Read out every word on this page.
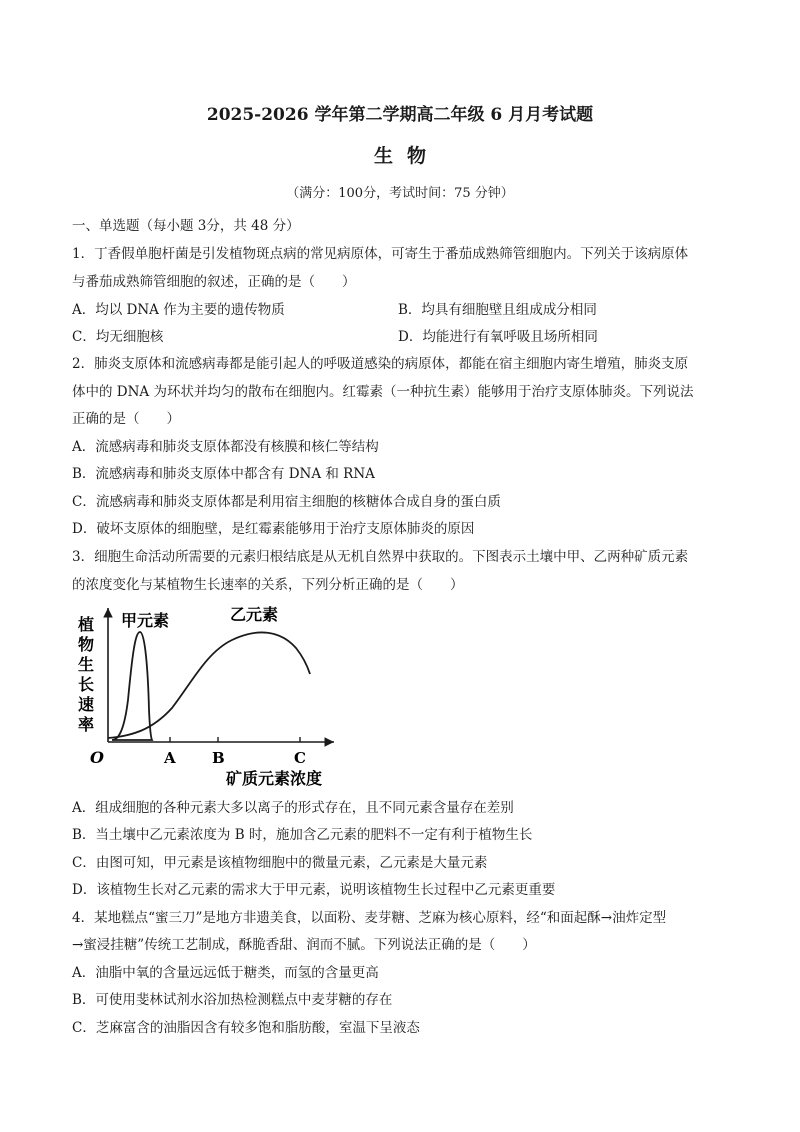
2025-2026 学年第二学期高二年级 6 月月考试题
生物
（满分：100分，考试时间：75 分钟）
一、单选题（每小题 3分，共 48 分）
1．丁香假单胞杆菌是引发植物斑点病的常见病原体，可寄生于番茄成熟筛管细胞内。下列关于该病原体
与番茄成熟筛管细胞的叙述，正确的是（　　）
A．均以 DNA 作为主要的遗传物质	B．均具有细胞壁且组成成分相同
C．均无细胞核	D．均能进行有氧呼吸且场所相同
2．肺炎支原体和流感病毒都是能引起人的呼吸道感染的病原体，都能在宿主细胞内寄生增殖，肺炎支原
体中的 DNA 为环状并均匀的散布在细胞内。红霉素（一种抗生素）能够用于治疗支原体肺炎。下列说法
正确的是（　　）
A．流感病毒和肺炎支原体都没有核膜和核仁等结构
B．流感病毒和肺炎支原体中都含有 DNA 和 RNA
C．流感病毒和肺炎支原体都是利用宿主细胞的核糖体合成自身的蛋白质
D．破坏支原体的细胞壁，是红霉素能够用于治疗支原体肺炎的原因
3．细胞生命活动所需要的元素归根结底是从无机自然界中获取的。下图表示土壤中甲、乙两种矿质元素
的浓度变化与某植物生长速率的关系，下列分析正确的是（　　）
植
物
生
长
速
率
O	A B	C
矿质元素浓度
甲元素	乙元素
A．组成细胞的各种元素大多以离子的形式存在，且不同元素含量存在差别
B．当土壤中乙元素浓度为 B 时，施加含乙元素的肥料不一定有利于植物生长
C．由图可知，甲元素是该植物细胞中的微量元素，乙元素是大量元素
D．该植物生长对乙元素的需求大于甲元素，说明该植物生长过程中乙元素更重要
4．某地糕点“蜜三刀”是地方非遗美食，以面粉、麦芽糖、芝麻为核心原料，经“和面起酥→油炸定型
→蜜浸挂糖”传统工艺制成，酥脆香甜、润而不腻。下列说法正确的是（　　）
A．油脂中氧的含量远远低于糖类，而氢的含量更高
B．可使用斐林试剂水浴加热检测糕点中麦芽糖的存在
C．芝麻富含的油脂因含有较多饱和脂肪酸，室温下呈液态
